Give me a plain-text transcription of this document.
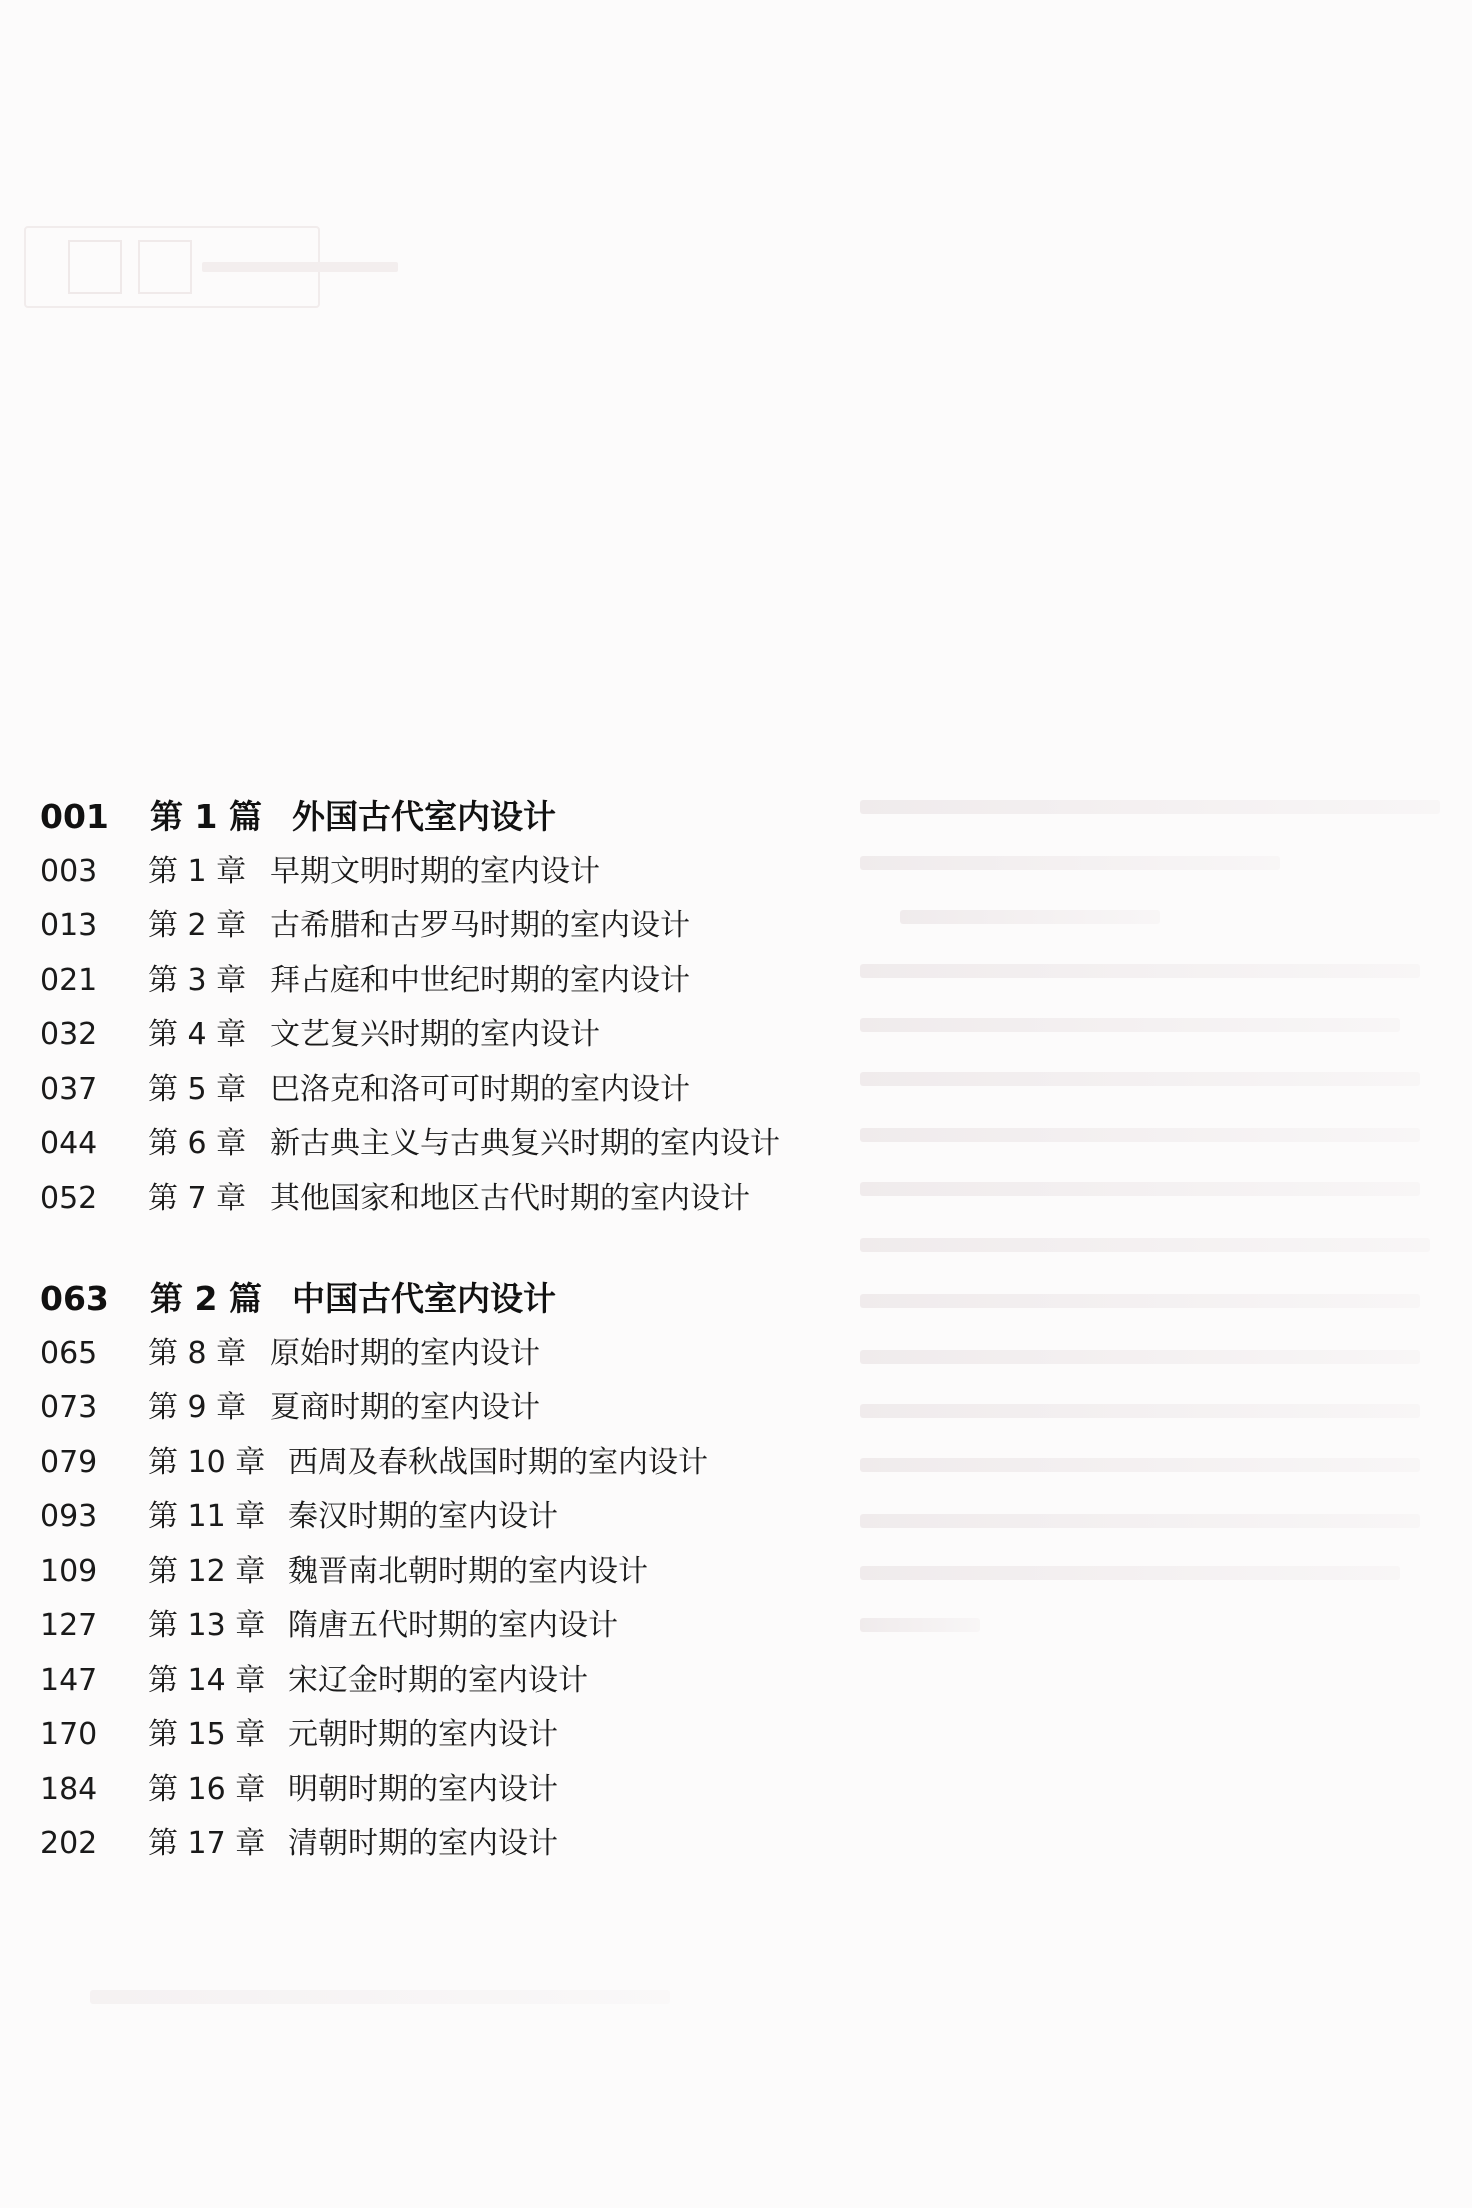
001	第 1 篇 外国古代室内设计
003	第 1 章 早期文明时期的室内设计
013	第 2 章 古希腊和古罗马时期的室内设计
021	第 3 章 拜占庭和中世纪时期的室内设计
032	第 4 章 文艺复兴时期的室内设计
037	第 5 章 巴洛克和洛可可时期的室内设计
044	第 6 章 新古典主义与古典复兴时期的室内设计
052	第 7 章 其他国家和地区古代时期的室内设计
063	第 2 篇 中国古代室内设计
065	第 8 章 原始时期的室内设计
073	第 9 章 夏商时期的室内设计
079	第 10 章 西周及春秋战国时期的室内设计
093	第 11 章 秦汉时期的室内设计
109	第 12 章 魏晋南北朝时期的室内设计
127	第 13 章 隋唐五代时期的室内设计
147	第 14 章 宋辽金时期的室内设计
170	第 15 章 元朝时期的室内设计
184	第 16 章 明朝时期的室内设计
202	第 17 章 清朝时期的室内设计
